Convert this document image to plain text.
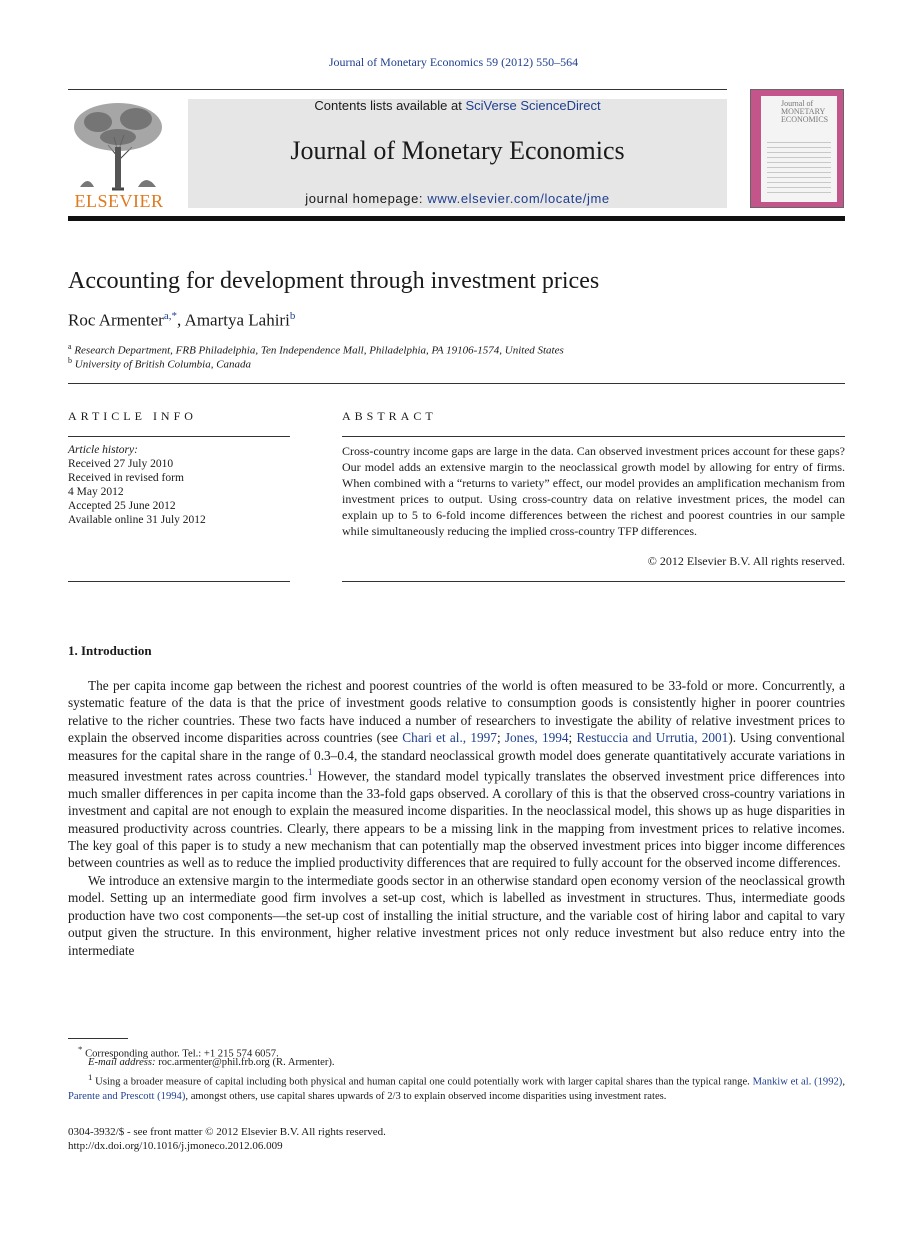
Journal of Monetary Economics 59 (2012) 550–564
ELSEVIER
Contents lists available at SciVerse ScienceDirect
Journal of Monetary Economics
journal homepage: www.elsevier.com/locate/jme
Journal of MONETARY ECONOMICS
Accounting for development through investment prices
Roc Armenter$^{a,*}$, Amartya Lahiri$^b$
$^a$ Research Department, FRB Philadelphia, Ten Independence Mall, Philadelphia, PA 19106-1574, United States
$^b$ University of British Columbia, Canada
ARTICLE INFO
Article history:
Received 27 July 2010
Received in revised form
4 May 2012
Accepted 25 June 2012
Available online 31 July 2012
ABSTRACT
Cross-country income gaps are large in the data. Can observed investment prices account for these gaps? Our model adds an extensive margin to the neoclassical growth model by allowing for entry of firms. When combined with a “returns to variety” effect, our model provides an amplification mechanism from investment prices to output. Using cross-country data on relative investment prices, the model can explain up to 5 to 6-fold income differences between the richest and poorest countries in our sample while simultaneously reducing the implied cross-country TFP differences.
© 2012 Elsevier B.V. All rights reserved.
1. Introduction

The per capita income gap between the richest and poorest countries of the world is often measured to be 33-fold or more. Concurrently, a systematic feature of the data is that the price of investment goods relative to consumption goods is consistently higher in poorer countries relative to the richer countries. These two facts have induced a number of researchers to investigate the ability of relative investment prices to explain the observed income disparities across countries (see Chari et al., 1997; Jones, 1994; Restuccia and Urrutia, 2001). Using conventional measures for the capital share in the range of 0.3–0.4, the standard neoclassical growth model does generate quantitatively accurate variations in measured investment rates across countries.$^1$ However, the standard model typically translates the observed investment price differences into much smaller differences in per capita income than the 33-fold gaps observed. A corollary of this is that the observed cross-country variations in investment and capital are not enough to explain the measured income disparities. In the neoclassical model, this shows up as huge disparities in measured productivity across countries. Clearly, there appears to be a missing link in the mapping from investment prices to relative incomes. The key goal of this paper is to study a new mechanism that can potentially map the observed investment prices into bigger income differences between countries as well as to reduce the implied productivity differences that are required to fully account for the observed income differences.

We introduce an extensive margin to the intermediate goods sector in an otherwise standard open economy version of the neoclassical growth model. Setting up an intermediate good firm involves a set-up cost, which is labelled as investment in structures. Thus, intermediate goods production have two cost components—the set-up cost of installing the initial structure, and the variable cost of hiring labor and capital to vary output given the structure. In this environment, higher relative investment prices not only reduce investment but also reduce entry into the intermediate

* Corresponding author. Tel.: +1 215 574 6057.
E-mail address: roc.armenter@phil.frb.org (R. Armenter).
$^1$ Using a broader measure of capital including both physical and human capital one could potentially work with larger capital shares than the typical range. Mankiw et al. (1992), Parente and Prescott (1994), amongst others, use capital shares upwards of 2/3 to explain observed income disparities using investment rates.
0304-3932/$ - see front matter © 2012 Elsevier B.V. All rights reserved.
http://dx.doi.org/10.1016/j.jmoneco.2012.06.009
